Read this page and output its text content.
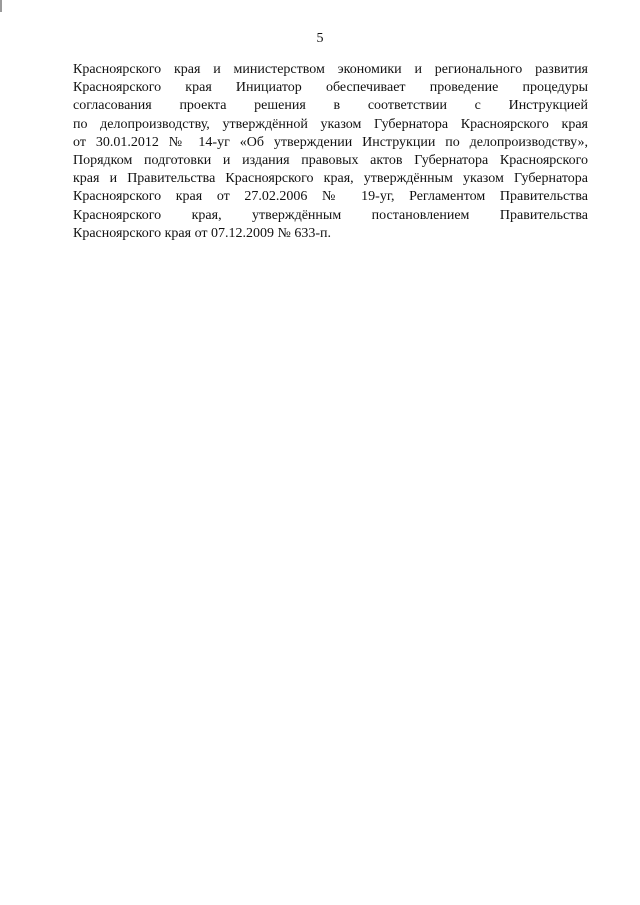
5
Красноярского края и министерством экономики и регионального развития
Красноярского края Инициатор обеспечивает проведение процедуры
согласования проекта решения в соответствии с Инструкцией
по делопроизводству, утверждённой указом Губернатора Красноярского края
от 30.01.2012 № 14-уг «Об утверждении Инструкции по делопроизводству»,
Порядком подготовки и издания правовых актов Губернатора Красноярского
края и Правительства Красноярского края, утверждённым указом Губернатора
Красноярского края от 27.02.2006 № 19-уг, Регламентом Правительства
Красноярского края, утверждённым постановлением Правительства
Красноярского края от 07.12.2009 № 633-п.
